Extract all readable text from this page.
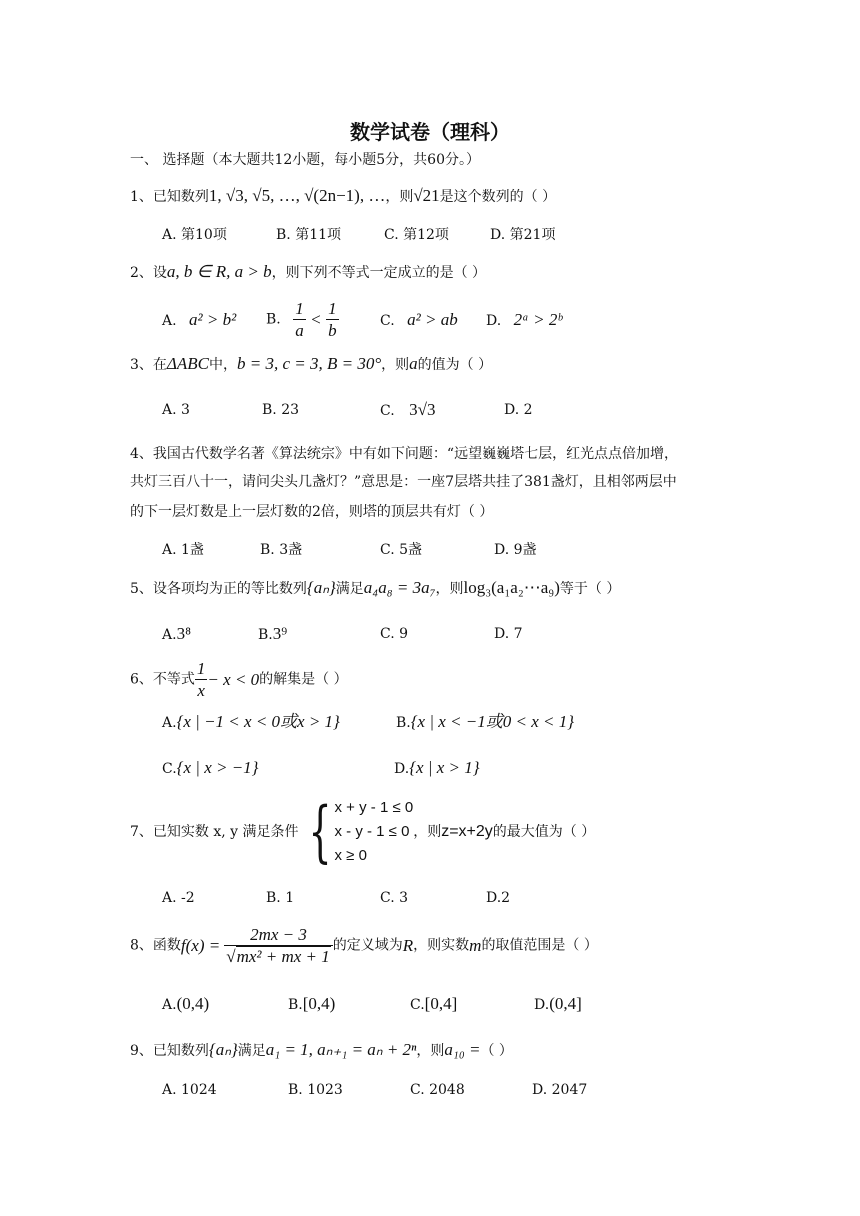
数学试卷（理科）
一、 选择题（本大题共12小题，每小题5分，共60分。）
1、已知数列1, √3, √5, …, √(2n−1), …，则√21是这个数列的（ ）
A. 第10项	B. 第11项	C. 第12项	D. 第21项
2、设a, b ∈ R, a > b，则下列不等式一定成立的是（ ）
A. a² > b² B. $\frac{1}{a} < \frac{1}{b}$	C. a² > ab D. 2ᵃ > 2ᵇ
3、在ΔABC中，b = 3, c = 3, B = 30°，则a的值为（ ）
A. 3	B. 23	C. 3√3	D. 2
4、我国古代数学名著《算法统宗》中有如下问题：“远望巍巍塔七层，红光点点倍加增，
共灯三百八十一，请问尖头几盏灯？”意思是：一座7层塔共挂了381盏灯，且相邻两层中
的下一层灯数是上一层灯数的2倍，则塔的顶层共有灯（ ）
A. 1盏	B. 3盏	C. 5盏	D. 9盏
5、设各项均为正的等比数列{aₙ}满足a₄a₈ = 3a₇，则log₃(a₁a₂⋯a₉)等于（ ）
A.3⁸	B.3⁹	C. 9	D. 7
6、不等式 $\frac{1}{x} - x < 0$的解集是（ ）
A.{x | −1 < x < 0或x > 1}	B.{x | x < −1或0 < x < 1}
C.{x | x > −1}	D.{x | x > 1}
7、已知实数 x, y 满足条件 { x + y - 1 ≤ 0
x - y - 1 ≤ 0
x ≥ 0
，则z=x+2y的最大值为（ ）
A. -2	B. 1	C. 3	D.2
8、函数$f(x) = \frac{2mx - 3}{\text{√mx² + mx + 1}}$ 的定义域为R，则实数m的取值范围是（ ）
A.(0,4)	B.[0,4)	C.[0,4]	D.(0,4]
9、已知数列{aₙ}满足a₁ = 1, aₙ₊₁ = aₙ + 2ⁿ，则a₁₀ =（ ）
A. 1024	B. 1023	C. 2048	D. 2047
